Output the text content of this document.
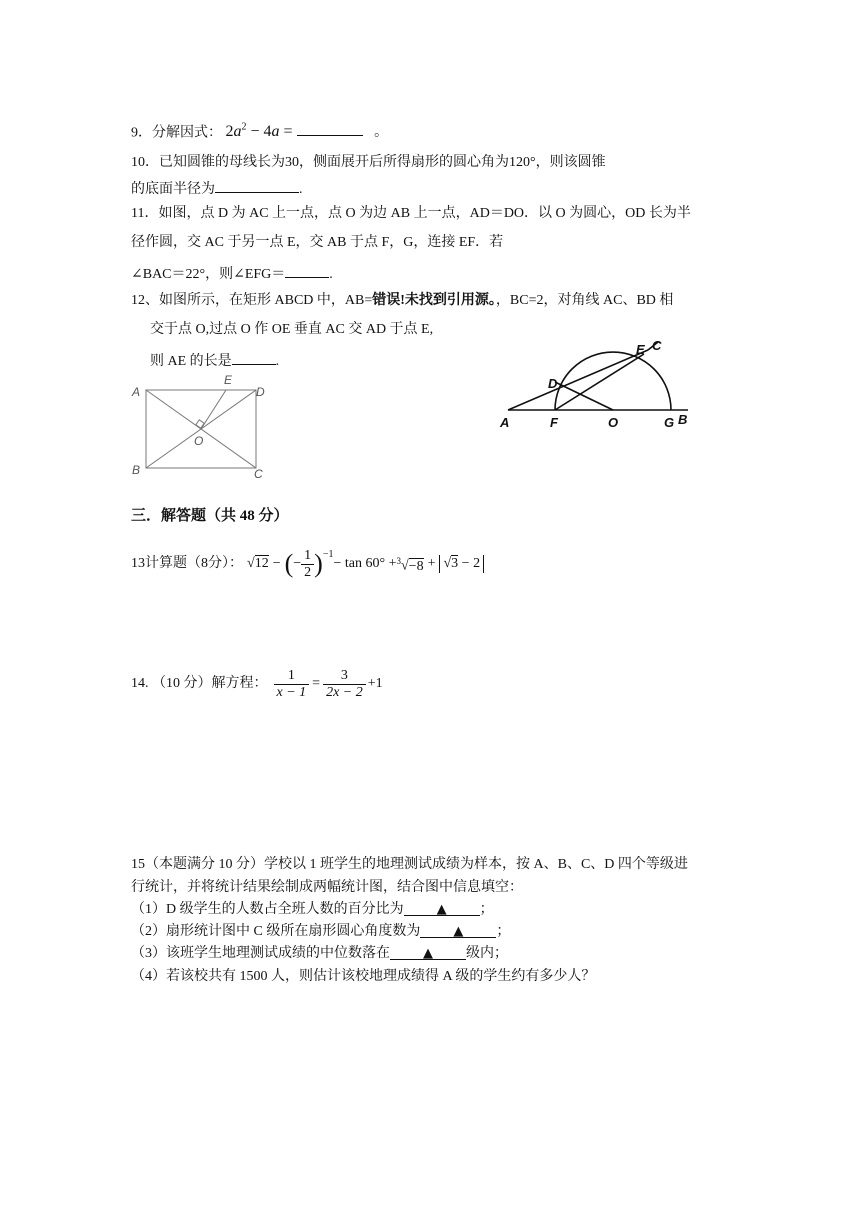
9．分解因式： $2a^2 - 4a$ =	。
10．已知圆锥的母线长为30，侧面展开后所得扇形的圆心角为120°，则该圆锥
的底面半径为	.
11．如图，点 D 为 AC 上一点，点 O 为边 AB 上一点，AD＝DO．以 O 为圆心，OD 长为半
径作圆，交 AC 于另一点 E，交 AB 于点 F，G，连接 EF．若
∠BAC＝22°，则∠EFG＝	.
12、如图所示，在矩形 ABCD 中，AB=错误!未找到引用源。，BC=2，对角线 AC、BD 相
交于点 O,过点 O 作 OE 垂直 AC 交 AD 于点 E,
则 AE 的长是	.
A
B	C
D
E
O
A	F	O	G B
D
E C
三．解答题（共 48 分）
13计算题（8分）： √12 − ( − $\frac{1}{2} )^{-1}$
− tan 60° + $^3$√−8 + √3 − 2
14. （10 分）解方程： $\frac{1}{x - 1} = \frac{3}{2x - 2} +1$
15（本题满分 10 分）学校以 1 班学生的地理测试成绩为样本，按 A、B、C、D 四个等级进
行统计，并将统计结果绘制成两幅统计图，结合图中信息填空：
（1）D 级学生的人数占全班人数的百分比为	▲ ；
（2）扇形统计图中 C 级所在扇形圆心角度数为	▲ ；
（3）该班学生地理测试成绩的中位数落在	▲ 级内；
（4）若该校共有 1500 人，则估计该校地理成绩得 A 级的学生约有多少人？
